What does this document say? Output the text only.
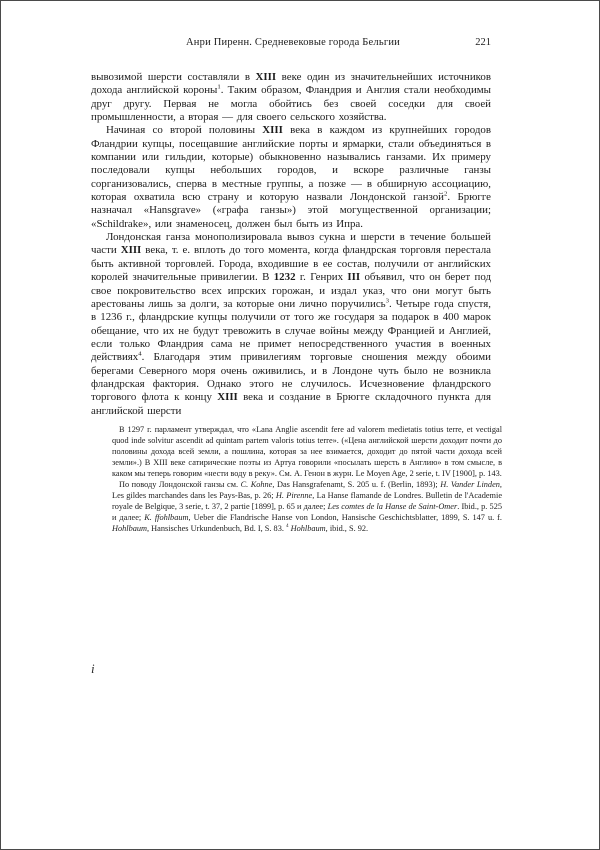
Анри Пиренн. Средневековые города Бельгии	221

вывозимой шерсти составляли в XIII веке один из значительнейших источников дохода английской короны$^1$. Таким образом, Фландрия и Англия стали необходимы друг другу. Первая не могла обойтись без своей соседки для своей промышленности, а вторая — для своего сельского хозяйства.

Начиная со второй половины XIII века в каждом из крупнейших городов Фландрии купцы, посещавшие английские порты и ярмарки, стали объединяться в компании или гильдии, которые) обыкновенно назывались ганзами. Их примеру последовали купцы небольших городов, и вскоре различные ганзы сорганизовались, сперва в местные группы, а позже — в обширную ассоциацию, которая охватила всю страну и которую назвали Лондонской ганзой$^2$. Брюгге назначал «Hansgrave» («графа ганзы») этой могущественной организации; «Schildrake», или знаменосец, должен был быть из Ипра.

Лондонская ганза монополизировала вывоз сукна и шерсти в течение большей части XIII века, т. е. вплоть до того момента, когда фландрская торговля перестала быть активной торговлей. Города, входившие в ее состав, получили от английских королей значительные привилегии. В 1232 г. Генрих III объявил, что он берет под свое покровительство всех ипрских горожан, и издал указ, что они могут быть арестованы лишь за долги, за которые они лично поручились$^3$. Четыре года спустя, в 1236 г., фландрские купцы получили от того же государя за подарок в 400 марок обещание, что их не будут тревожить в случае войны между Францией и Англией, если только Фландрия сама не примет непосредственного участия в военных действиях$^4$. Благодаря этим привилегиям торговые сношения между обоими берегами Северного моря очень оживились, и в Лондоне чуть было не возникла фландрская фактория. Однако этого не случилось. Исчезновение фландрского торгового флота к концу XIII века и создание в Брюгге складочного пункта для английской шерсти

В 1297 г. парламент утверждал, что «Lana Anglie ascendit fere ad valorem medietatis totius terre, et vectigal quod inde solvitur ascendit ad quintam partem valoris totius terre». («Цена английской шерсти доходит почти до половины дохода всей земли, а пошлина, которая за нее взимается, доходит до пятой части дохода всей земли».) В XIII веке сатирические поэты из Артуа говорили «посылать шерсть в Англию» в том смысле, в каком мы теперь говорим «нести воду в реку». См. А. Генон в журн. Le Moyen Age, 2 serie, t. IV [1900], p. 143.

По поводу Лондонской ганзы см. C. Kohne, Das Hansgrafenamt, S. 205 u. f. (Berlin, 1893); H. Vander Linden, Les gildes marchandes dans les Pays-Bas, p. 26; H. Pirenne, La Hanse flamande de Londres. Bulletin de l'Academie royale de Belgique, 3 serie, t. 37, 2 partie [1899], p. 65 и далее; Les comtes de la Hanse de Saint-Omer. Ibid., p. 525 и далее; K. ffohlbaum, Ueber die Flandrische Hanse von London, Hansische Geschichtsblatter, 1899, S. 147 u. f. Hohlbaum, Hansisches Urkundenbuch, Bd. I, S. 83. $^4$ Hohlbaum, ibid., S. 92.

i
